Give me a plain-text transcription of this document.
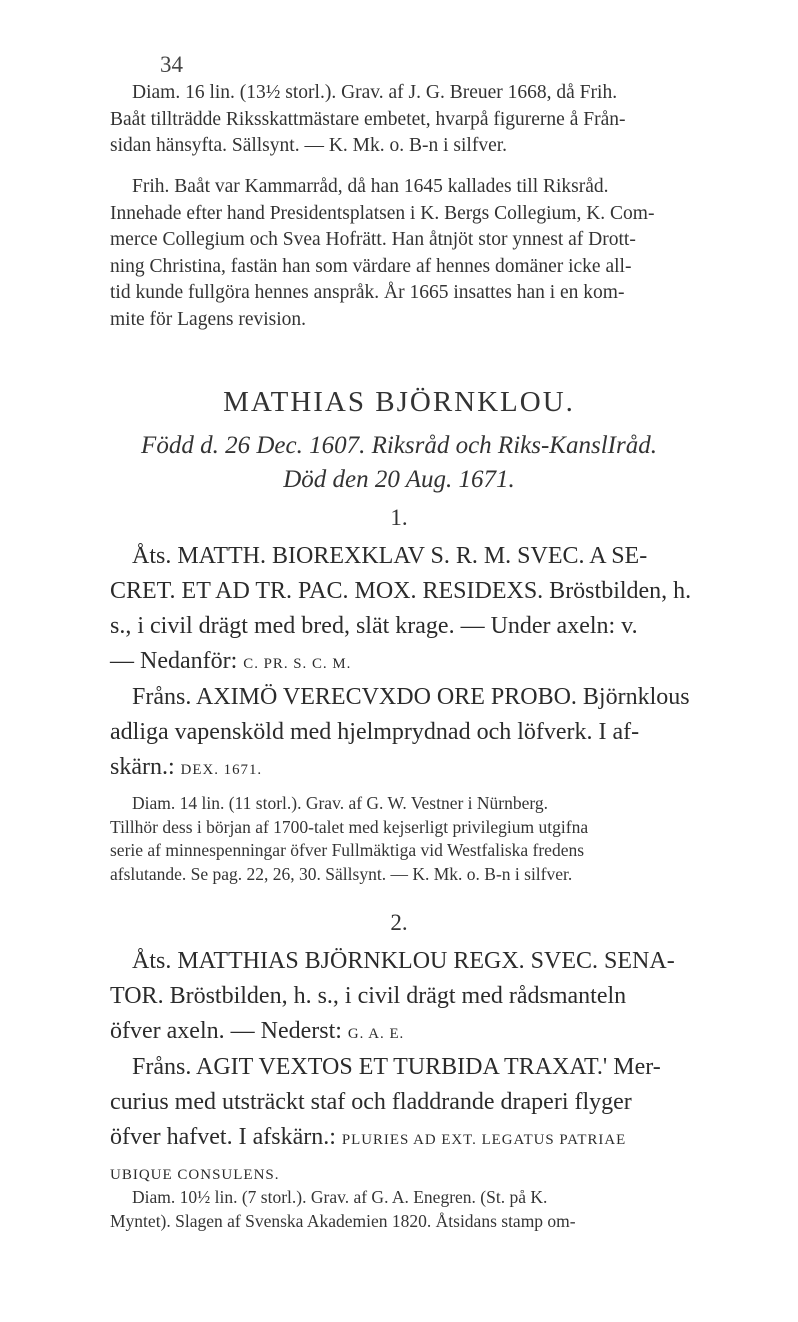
34
Diam. 16 lin. (13½ storl.). Grav. af J. G. Breuer 1668, då Frih.
Baåt tillträdde Riksskattmästare embetet, hvarpå figurerne å Från-
sidan hänsyfta. Sällsynt. — K. Mk. o. B-n i silfver.
Frih. Baåt var Kammarråd, då han 1645 kallades till Riksråd.
Innehade efter hand Presidentsplatsen i K. Bergs Collegium, K. Com-
merce Collegium och Svea Hofrätt. Han åtnjöt stor ynnest af Drott-
ning Christina, fastän han som värdare af hennes domäner icke all-
tid kunde fullgöra hennes anspråk. År 1665 insattes han i en kom-
mite för Lagens revision.
MATHIAS BJÖRNKLOU.
Född d. 26 Dec. 1607. Riksråd och Riks-KanslIråd.
Död den 20 Aug. 1671.
1.
Åts. MATTH. BIOREXKLAV S. R. M. SVEC. A SE-
CRET. ET AD TR. PAC. MOX. RESIDEXS. Bröstbilden, h.
s., i civil drägt med bred, slät krage. — Under axeln: v.
— Nedanför: C. PR. S. C. M.
Fråns. AXIMÖ VERECVXDO ORE PROBO. Björnklous
adliga vapensköld med hjelmprydnad och löfverk. I af-
skärn.: DEX. 1671.
Diam. 14 lin. (11 storl.). Grav. af G. W. Vestner i Nürnberg.
Tillhör dess i början af 1700-talet med kejserligt privilegium utgifna
serie af minnespenningar öfver Fullmäktiga vid Westfaliska fredens
afslutande. Se pag. 22, 26, 30. Sällsynt. — K. Mk. o. B-n i silfver.
2.
Åts. MATTHIAS BJÖRNKLOU REGX. SVEC. SENA-
TOR. Bröstbilden, h. s., i civil drägt med rådsmanteln
öfver axeln. — Nederst: G. A. E.
Fråns. AGIT VEXTOS ET TURBIDA TRAXAT.' Mer-
curius med utsträckt staf och fladdrande draperi flyger
öfver hafvet. I afskärn.: PLURIES AD EXT. LEGATUS PATRIAE
UBIQUE CONSULENS.
Diam. 10½ lin. (7 storl.). Grav. af G. A. Enegren. (St. på K.
Myntet). Slagen af Svenska Akademien 1820. Åtsidans stamp om-
